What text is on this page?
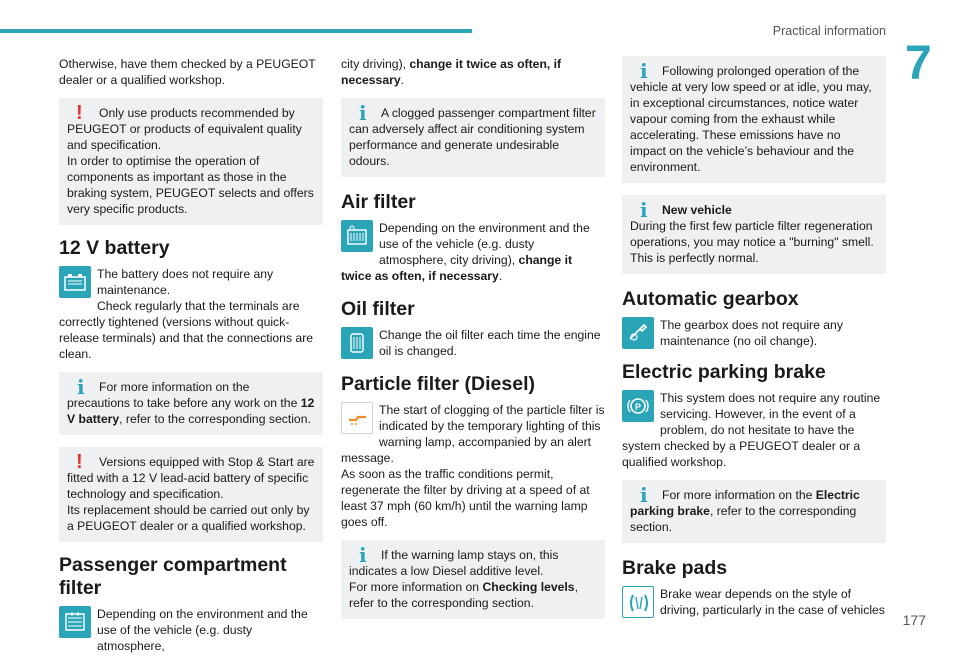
Practical information
7

Otherwise, have them checked by a PEUGEOT dealer or a qualified workshop.

!
Only use products recommended by PEUGEOT or products of equivalent quality and specification.
In order to optimise the operation of components as important as those in the braking system, PEUGEOT selects and offers very specific products.
12 V battery
The battery does not require any maintenance.
Check regularly that the terminals are correctly tightened (versions without quick-release terminals) and that the connections are clean.
i
For more information on the precautions to take before any work on the 12 V battery, refer to the corresponding section.
!
Versions equipped with Stop & Start are fitted with a 12 V lead-acid battery of specific technology and specification.
Its replacement should be carried out only by a PEUGEOT dealer or a qualified workshop.
Passenger compartment filter
Depending on the environment and the use of the vehicle (e.g. dusty atmosphere,

city driving), change it twice as often, if necessary.

i
A clogged passenger compartment filter can adversely affect air conditioning system performance and generate undesirable odours.
Air filter
Depending on the environment and the use of the vehicle (e.g. dusty atmosphere, city driving), change it twice as often, if necessary.
Oil filter
Change the oil filter each time the engine oil is changed.
Particle filter (Diesel)
The start of clogging of the particle filter is indicated by the temporary lighting of this warning lamp, accompanied by an alert message.
As soon as the traffic conditions permit, regenerate the filter by driving at a speed of at least 37 mph (60 km/h) until the warning lamp goes off.
i
If the warning lamp stays on, this indicates a low Diesel additive level.
For more information on Checking levels, refer to the corresponding section.
i
Following prolonged operation of the vehicle at very low speed or at idle, you may, in exceptional circumstances, notice water vapour coming from the exhaust while accelerating. These emissions have no impact on the vehicle’s behaviour and the environment.
i
New vehicle
During the first few particle filter regeneration operations, you may notice a "burning" smell. This is perfectly normal.
Automatic gearbox
The gearbox does not require any maintenance (no oil change).
Electric parking brake
P
This system does not require any routine servicing. However, in the event of a problem, do not hesitate to have the system checked by a PEUGEOT dealer or a qualified workshop.
i
For more information on the Electric parking brake, refer to the corresponding section.
Brake pads
Brake wear depends on the style of driving, particularly in the case of vehicles
177
